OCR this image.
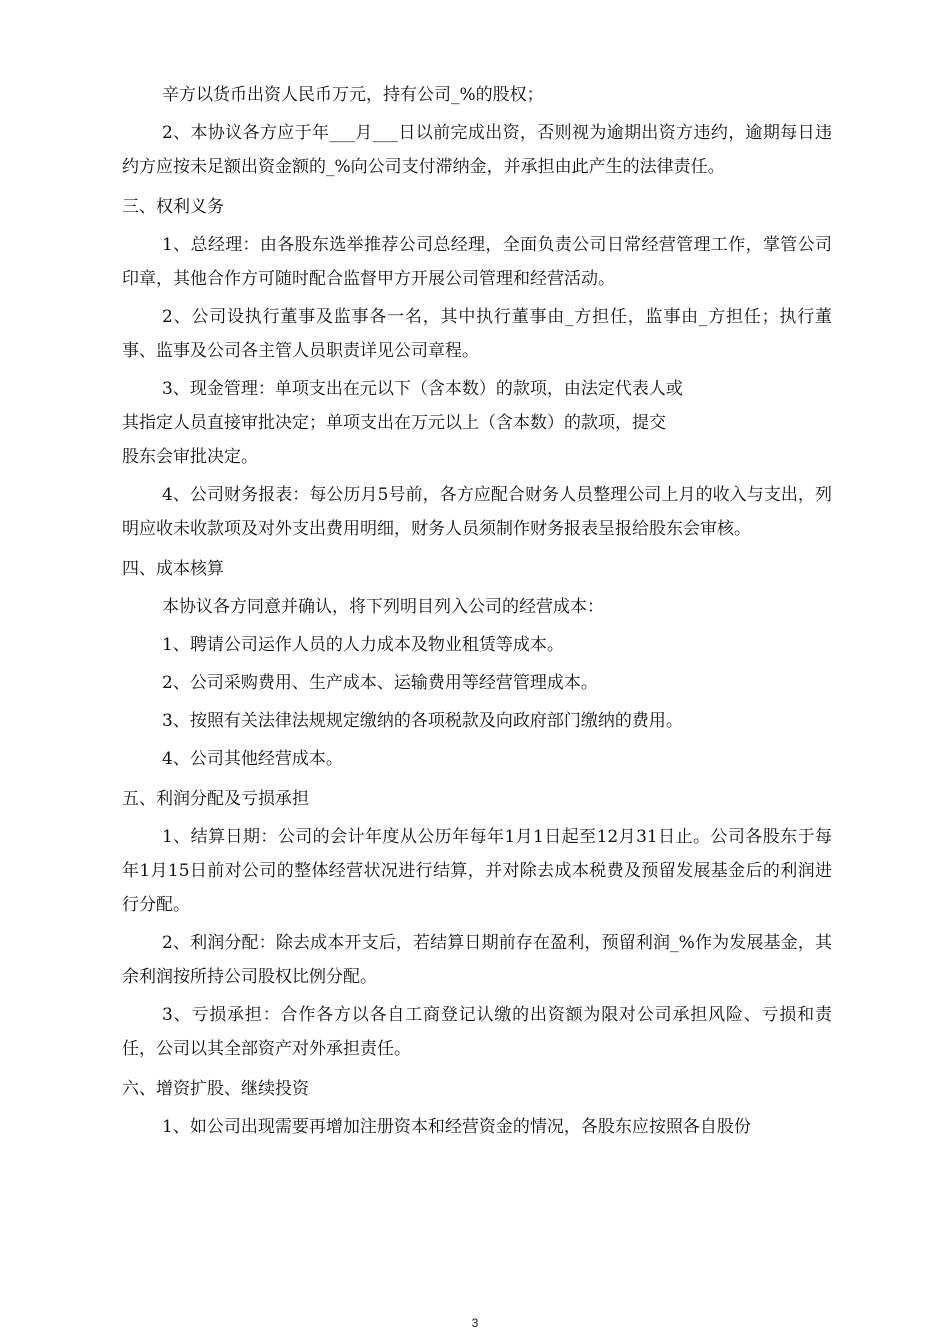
辛方以货币出资人民币万元，持有公司_%的股权；
2、本协议各方应于年___月___日以前完成出资，否则视为逾期出资方违约，逾期每日违约方应按未足额出资金额的_%向公司支付滞纳金，并承担由此产生的法律责任。
三、权利义务
1、总经理：由各股东选举推荐公司总经理，全面负责公司日常经营管理工作，掌管公司印章，其他合作方可随时配合监督甲方开展公司管理和经营活动。
2、公司设执行董事及监事各一名，其中执行董事由_方担任，监事由_方担任；执行董事、监事及公司各主管人员职责详见公司章程。
3、现金管理：单项支出在元以下（含本数）的款项，由法定代表人或
其指定人员直接审批决定；单项支出在万元以上（含本数）的款项，提交
股东会审批决定。
4、公司财务报表：每公历月5号前，各方应配合财务人员整理公司上月的收入与支出，列明应收未收款项及对外支出费用明细，财务人员须制作财务报表呈报给股东会审核。
四、成本核算
本协议各方同意并确认，将下列明目列入公司的经营成本：
1、聘请公司运作人员的人力成本及物业租赁等成本。
2、公司采购费用、生产成本、运输费用等经营管理成本。
3、按照有关法律法规规定缴纳的各项税款及向政府部门缴纳的费用。
4、公司其他经营成本。
五、利润分配及亏损承担
1、结算日期：公司的会计年度从公历年每年1月1日起至12月31日止。公司各股东于每年1月15日前对公司的整体经营状况进行结算，并对除去成本税费及预留发展基金后的利润进行分配。
2、利润分配：除去成本开支后，若结算日期前存在盈利，预留利润_%作为发展基金，其余利润按所持公司股权比例分配。
3、亏损承担：合作各方以各自工商登记认缴的出资额为限对公司承担风险、亏损和责任，公司以其全部资产对外承担责任。
六、增资扩股、继续投资
1、如公司出现需要再增加注册资本和经营资金的情况，各股东应按照各自股份
3
